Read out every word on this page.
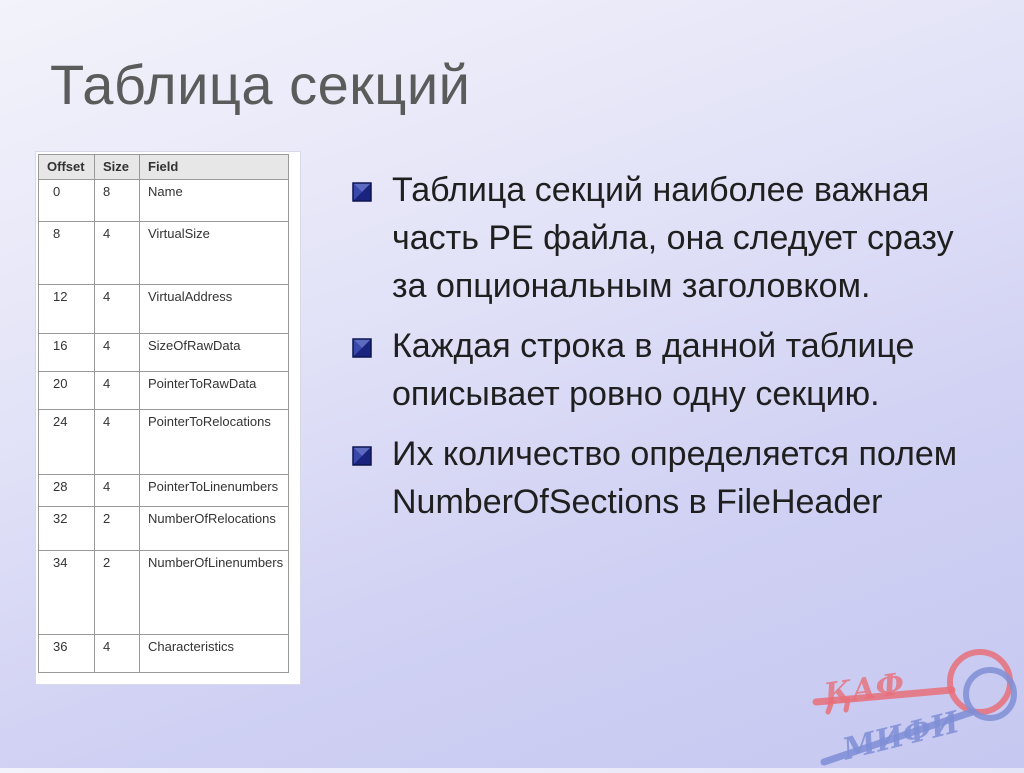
Таблица секций
Offset	Size	Field
0	8	Name
8	4	VirtualSize
12	4	VirtualAddress
16	4	SizeOfRawData
20	4	PointerToRawData
24	4	PointerToRelocations
28	4	PointerToLinenumbers
32	2	NumberOfRelocations
34	2	NumberOfLinenumbers
36	4	Characteristics
Таблица секций наиболее важная часть PE файла, она следует сразу за опциональным заголовком.
Каждая строка в данной таблице описывает ровно одну секцию.
Их количество определяется полем NumberOfSections в FileHeader
КАФ
МИФИ
